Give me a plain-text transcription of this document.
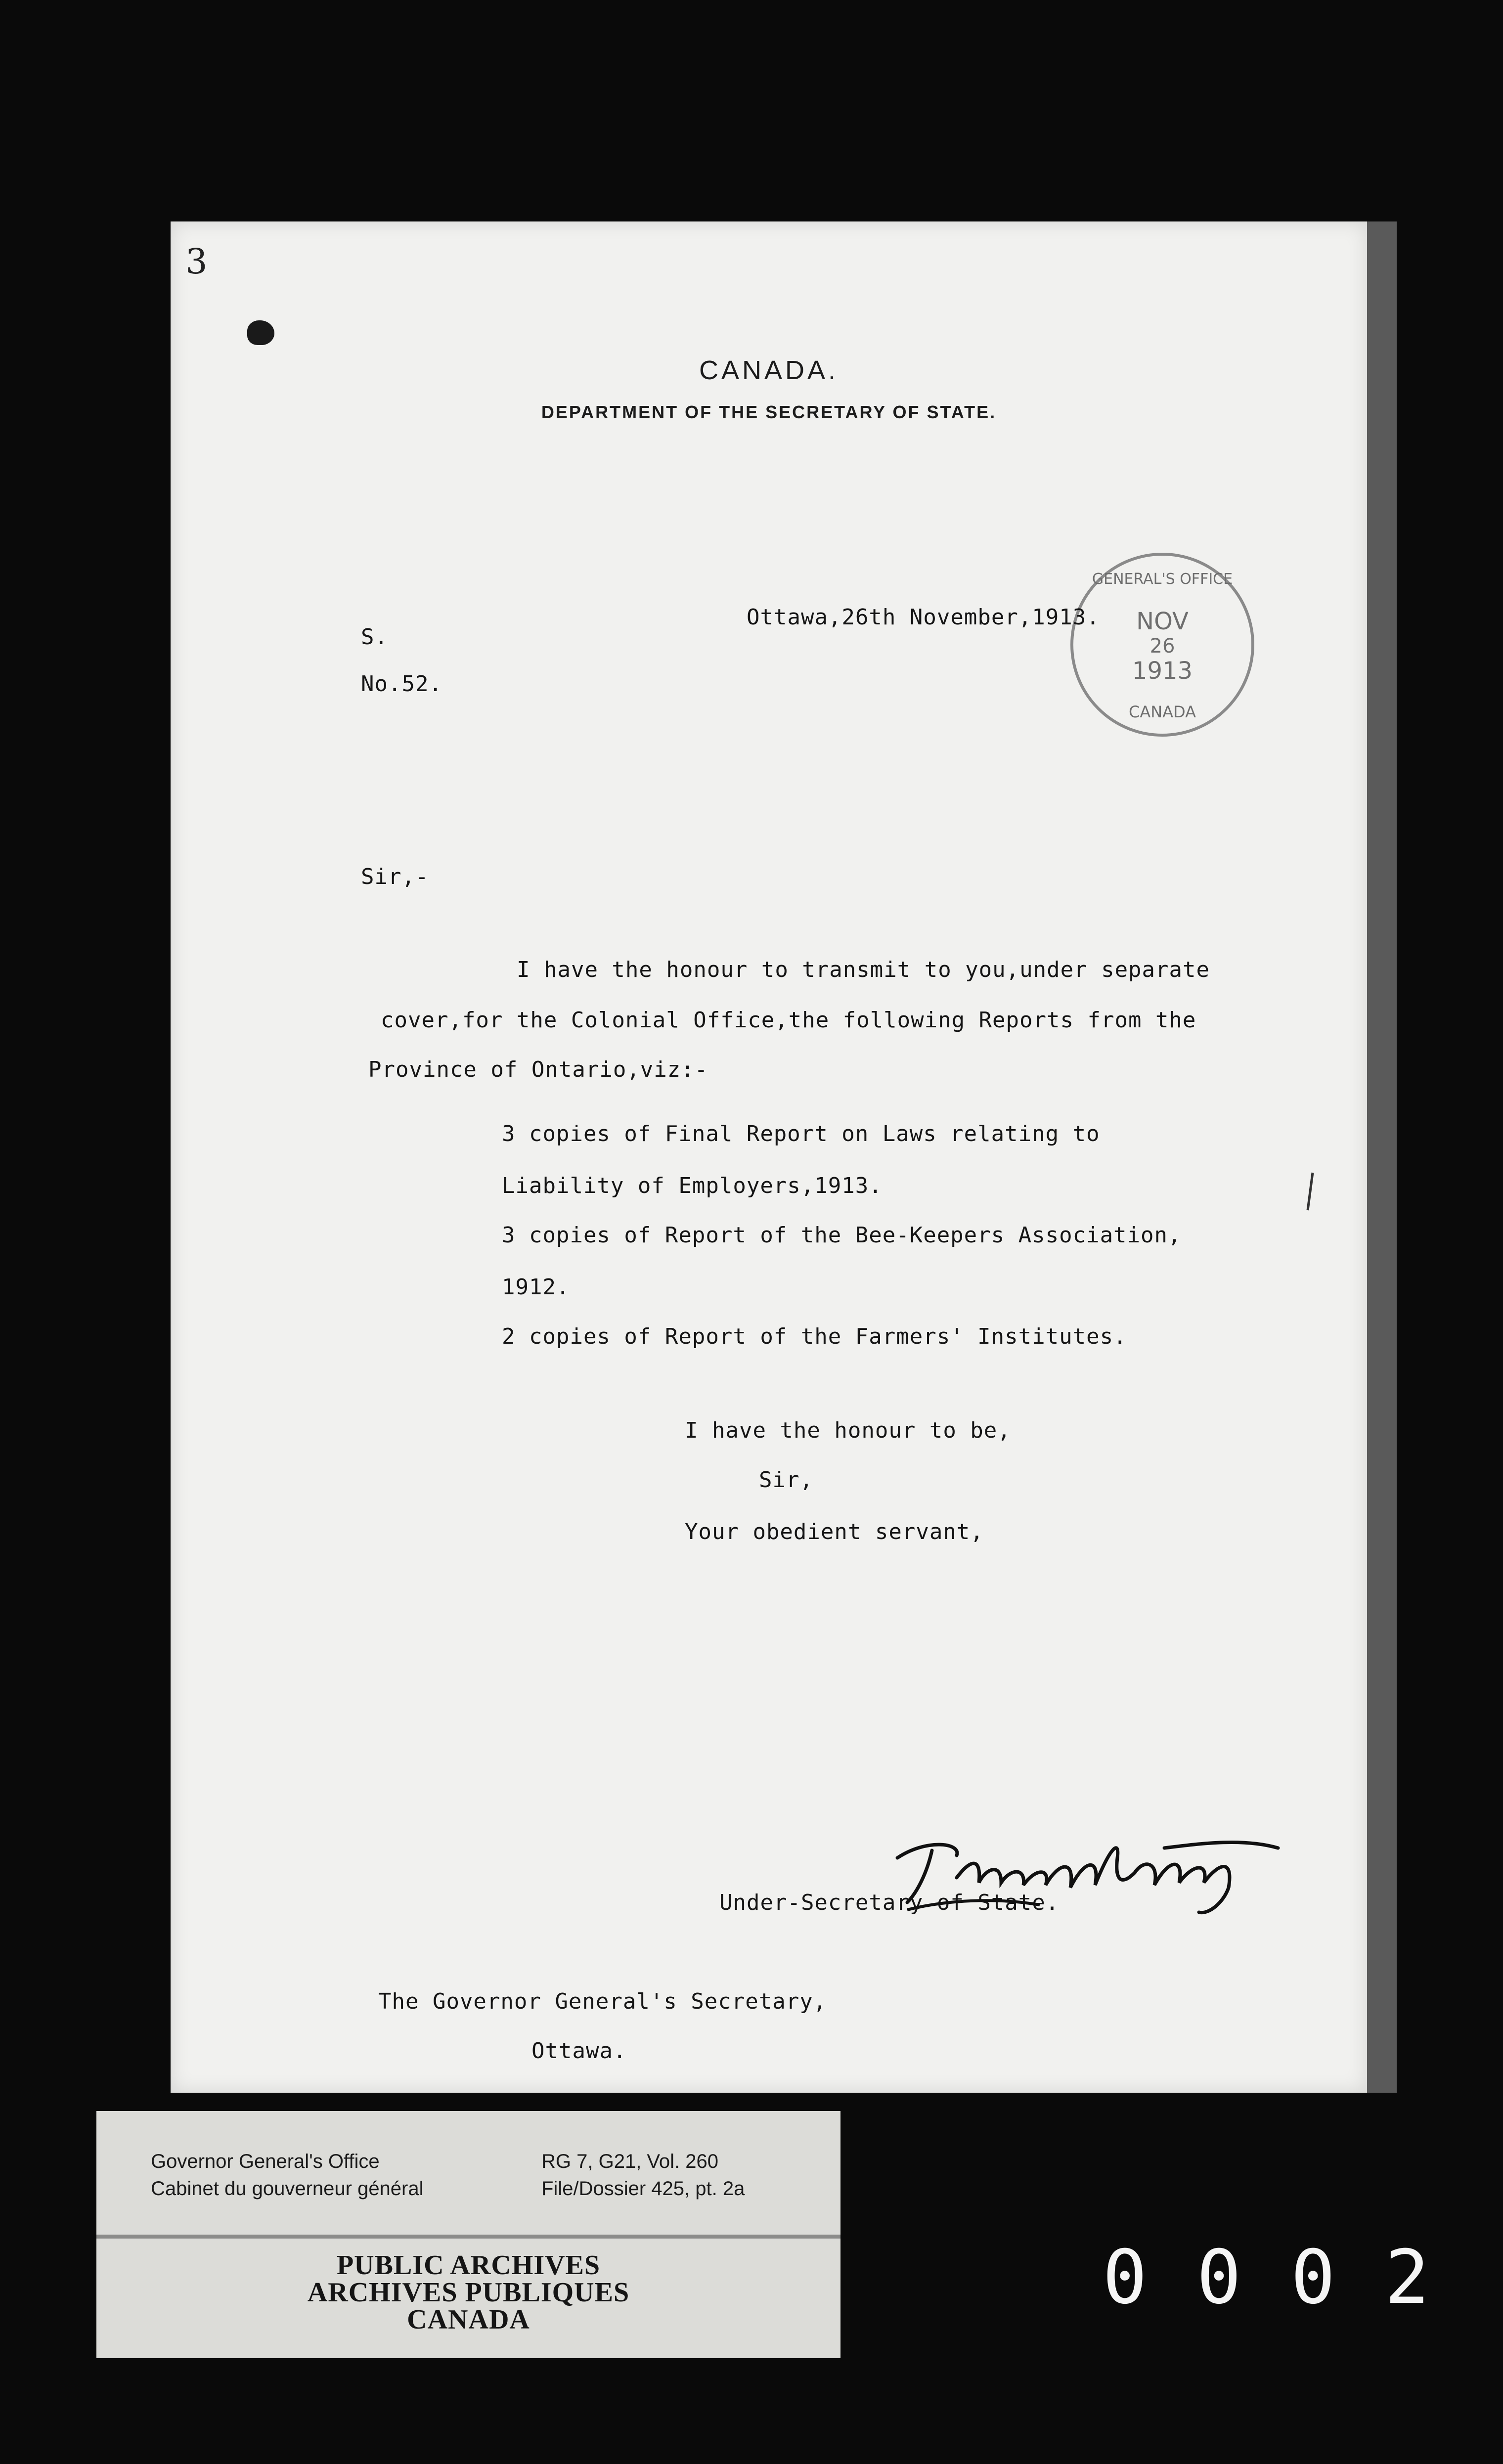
3
CANADA.
DEPARTMENT OF THE SECRETARY OF STATE.
GENERAL'S OFFICE
NOV
26
1913
CANADA
Ottawa,26th November,1913.
S.
No.52.
Sir,-
I have the honour to transmit to you,under separate
cover,for the Colonial Office,the following Reports from the
Province of Ontario,viz:-
3 copies of Final Report on Laws relating to
Liability of Employers,1913.
3 copies of Report of the Bee-Keepers Association,
1912.
2 copies of Report of the Farmers' Institutes.
I have the honour to be,
Sir,
Your obedient servant,
Under-Secretary of State.
The Governor General's Secretary,
Ottawa.
Governor General's Office
Cabinet du gouverneur général
RG 7, G21, Vol. 260
File/Dossier 425, pt. 2a
PUBLIC ARCHIVES
ARCHIVES PUBLIQUES
CANADA	0002
